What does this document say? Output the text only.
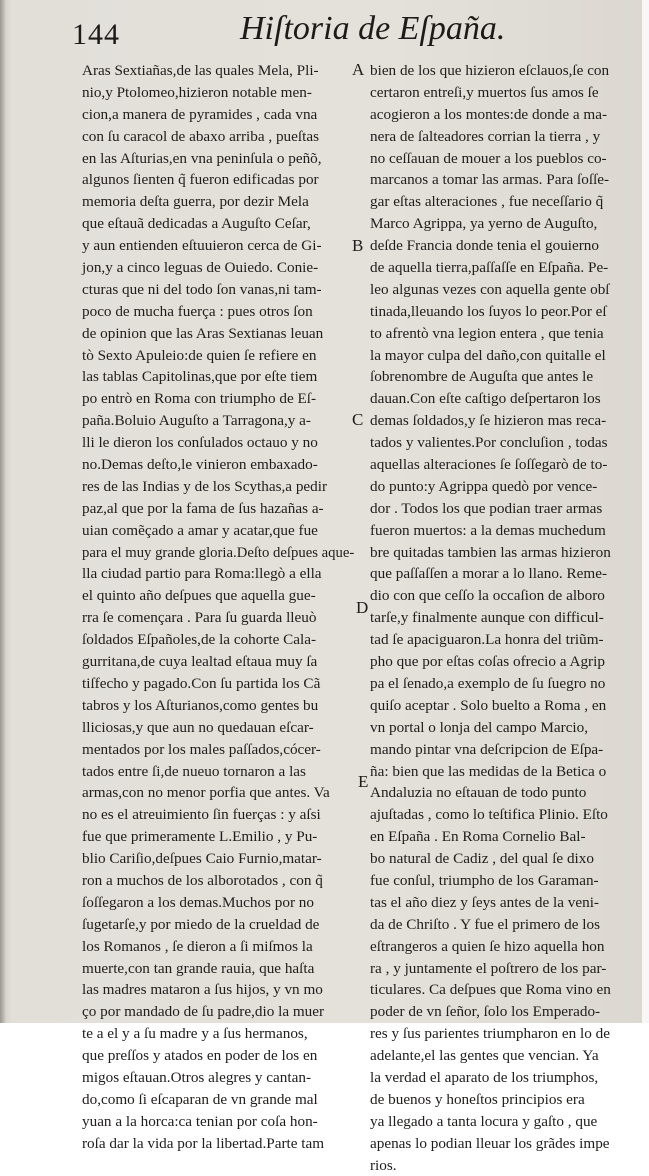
144	Hiſtoria de Eſpaña.
Aras Sextiañas,de las quales Mela, Pli-
nio,y Ptolomeo,hizieron notable men-
cion,a manera de pyramides , cada vna
con ſu caracol de abaxo arriba , pueſtas
en las Aſturias,en vna peninſula o peñõ,
algunos ſienten q̃ fueron edificadas por
memoria deſta guerra, por dezir Mela
que eſtauã dedicadas a Auguſto Ceſar,
y aun entienden eſtuuieron cerca de Gi-
jon,y a cinco leguas de Ouiedo. Conie-
cturas que ni del todo ſon vanas,ni tam-
poco de mucha fuerça : pues otros ſon
de opinion que las Aras Sextianas leuan
tò Sexto Apuleio:de quien ſe refiere en
las tablas Capitolinas,que por eſte tiem
po entrò en Roma con triumpho de Eſ-
paña.Boluio Auguſto a Tarragona,y a-
lli le dieron los conſulados octauo y no
no.Demas deſto,le vinieron embaxado-
res de las Indias y de los Scythas,a pedir
paz,al que por la fama de ſus hazañas a-
uian comẽçado a amar y acatar,que fue
para el muy grande gloria.Deſto deſpues aque-
lla ciudad partio para Roma:llegò a ella
el quinto año deſpues que aquella gue-
rra ſe començara . Para ſu guarda lleuò
ſoldados Eſpañoles,de la cohorte Cala-
gurritana,de cuya lealtad eſtaua muy ſa
tiſfecho y pagado.Con ſu partida los Cã
tabros y los Aſturianos,como gentes bu
lliciosas,y que aun no quedauan eſcar-
mentados por los males paſſados,cócer-
tados entre ſi,de nueuo tornaron a las
armas,con no menor porfia que antes. Va
no es el atreuimiento ſin fuerças : y aſsi
fue que primeramente L.Emilio , y Pu-
blio Cariſio,deſpues Caio Furnio,matar-
ron a muchos de los alborotados , con q̃
ſoſſegaron a los demas.Muchos por no
ſugetarſe,y por miedo de la crueldad de
los Romanos , ſe dieron a ſi miſmos la
muerte,con tan grande rauia, que haſta
las madres mataron a ſus hijos, y vn mo
ço por mandado de ſu padre,dio la muer
te a el y a ſu madre y a ſus hermanos,
que preſſos y atados en poder de los en
migos eſtauan.Otros alegres y cantan-
do,como ſi eſcaparan de vn grande mal
yuan a la horca:ca tenian por coſa hon-
roſa dar la vida por la libertad.Parte tam
bien de los que hizieron eſclauos,ſe con
certaron entreſi,y muertos ſus amos ſe
acogieron a los montes:de donde a ma-
nera de ſalteadores corrian la tierra , y
no ceſſauan de mouer a los pueblos co-
marcanos a tomar las armas. Para ſoſſe-
gar eſtas alteraciones , fue neceſſario q̃
Marco Agrippa, ya yerno de Auguſto,
deſde Francia donde tenia el gouierno
de aquella tierra,paſſaſſe en Eſpaña. Pe-
leo algunas vezes con aquella gente obſ
tinada,lleuando los ſuyos lo peor.Por eſ
to afrentò vna legion entera , que tenia
la mayor culpa del daño,con quitalle el
ſobrenombre de Auguſta que antes le
dauan.Con eſte caſtigo deſpertaron los
demas ſoldados,y ſe hizieron mas reca-
tados y valientes.Por concluſion , todas
aquellas alteraciones ſe ſoſſegarò de to-
do punto:y Agrippa quedò por vence-
dor . Todos los que podian traer armas
fueron muertos: a la demas muchedum
bre quitadas tambien las armas hizieron
que paſſaſſen a morar a lo llano. Reme-
dio con que ceſſo la occaſion de alboro
tarſe,y finalmente aunque con difficul-
tad ſe apaciguaron.La honra del triũm-
pho que por eſtas coſas ofrecio a Agrip
pa el ſenado,a exemplo de ſu ſuegro no
quiſo aceptar . Solo buelto a Roma , en
vn portal o lonja del campo Marcio,
mando pintar vna deſcripcion de Eſpa-
ña: bien que las medidas de la Betica o
Andaluzia no eſtauan de todo punto
ajuſtadas , como lo teſtifica Plinio. Eſto
en Eſpaña . En Roma Cornelio Bal-
bo natural de Cadiz , del qual ſe dixo
fue conſul, triumpho de los Garaman-
tas el año diez y ſeys antes de la veni-
da de Chriſto . Y fue el primero de los
eſtrangeros a quien ſe hizo aquella hon
ra , y juntamente el poſtrero de los par-
ticulares. Ca deſpues que Roma vino en
poder de vn ſeñor, ſolo los Emperado-
res y ſus parientes triumpharon en lo de
adelante,el las gentes que vencian. Ya
la verdad el aparato de los triumphos,
de buenos y honeſtos principios era
ya llegado a tanta locura y gaſto , que
apenas lo podian lleuar los grãdes impe
rios.
A
B
C
D
E
